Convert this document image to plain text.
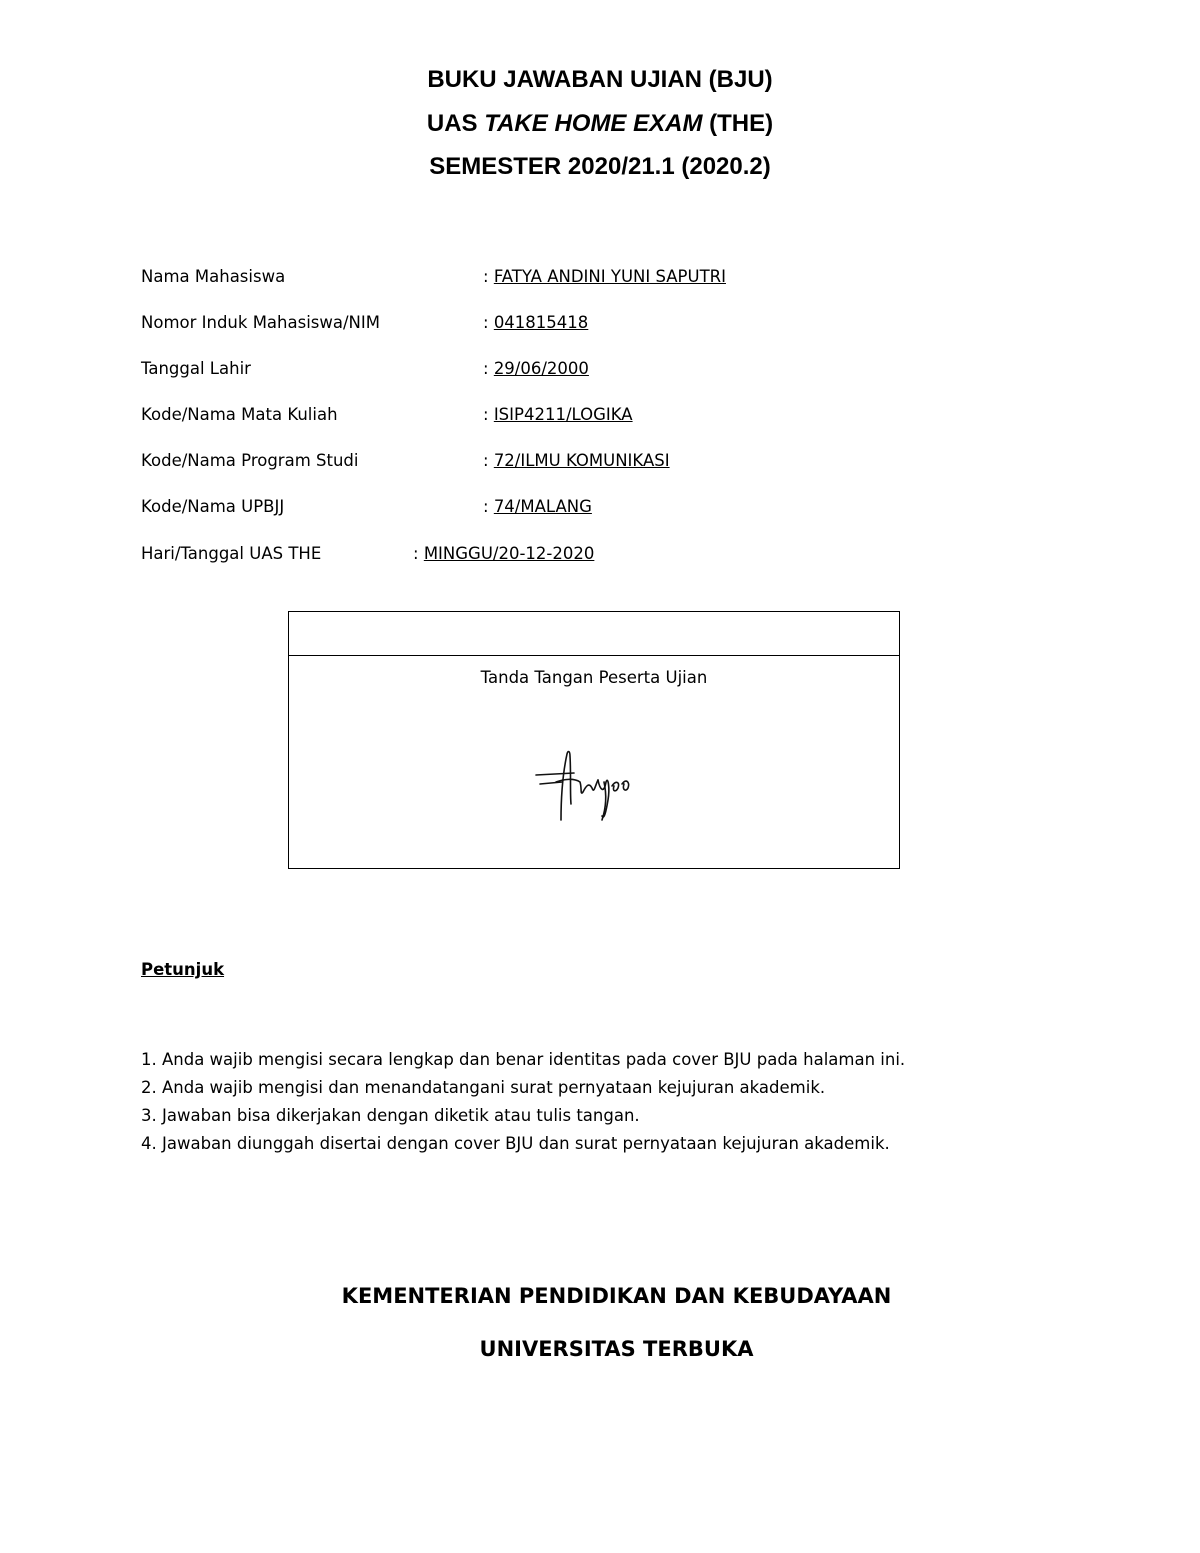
BUKU JAWABAN UJIAN (BJU)
UAS TAKE HOME EXAM (THE)
SEMESTER 2020/21.1 (2020.2)
Nama Mahasiswa	: FATYA ANDINI YUNI SAPUTRI
Nomor Induk Mahasiswa/NIM	: 041815418
Tanggal Lahir	: 29/06/2000
Kode/Nama Mata Kuliah	: ISIP4211/LOGIKA
Kode/Nama Program Studi	: 72/ILMU KOMUNIKASI
Kode/Nama UPBJJ	: 74/MALANG
Hari/Tanggal UAS THE	: MINGGU/20-12-2020
Tanda Tangan Peserta Ujian
Petunjuk
1. Anda wajib mengisi secara lengkap dan benar identitas pada cover BJU pada halaman ini.
2. Anda wajib mengisi dan menandatangani surat pernyataan kejujuran akademik.
3. Jawaban bisa dikerjakan dengan diketik atau tulis tangan.
4. Jawaban diunggah disertai dengan cover BJU dan surat pernyataan kejujuran akademik.
KEMENTERIAN PENDIDIKAN DAN KEBUDAYAAN
UNIVERSITAS TERBUKA
